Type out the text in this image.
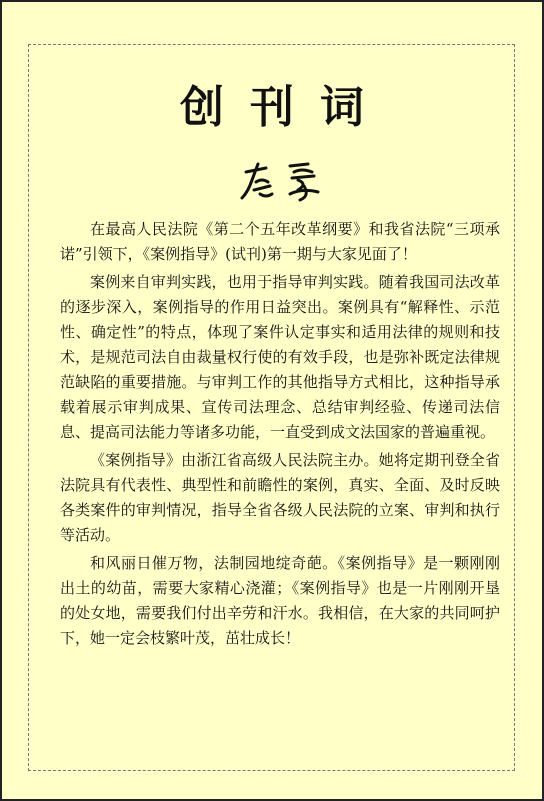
创刊词

在最高人民法院《第二个五年改革纲要》和我省法院“三项承诺”引领下，《案例指导》(试刊)第一期与大家见面了！

案例来自审判实践，也用于指导审判实践。随着我国司法改革的逐步深入，案例指导的作用日益突出。案例具有“解释性、示范性、确定性”的特点，体现了案件认定事实和适用法律的规则和技术，是规范司法自由裁量权行使的有效手段，也是弥补既定法律规范缺陷的重要措施。与审判工作的其他指导方式相比，这种指导承载着展示审判成果、宣传司法理念、总结审判经验、传递司法信息、提高司法能力等诸多功能，一直受到成文法国家的普遍重视。

《案例指导》由浙江省高级人民法院主办。她将定期刊登全省法院具有代表性、典型性和前瞻性的案例，真实、全面、及时反映各类案件的审判情况，指导全省各级人民法院的立案、审判和执行等活动。

和风丽日催万物，法制园地绽奇葩。《案例指导》是一颗刚刚出土的幼苗，需要大家精心浇灌；《案例指导》也是一片刚刚开垦的处女地，需要我们付出辛劳和汗水。我相信，在大家的共同呵护下，她一定会枝繁叶茂，茁壮成长！
